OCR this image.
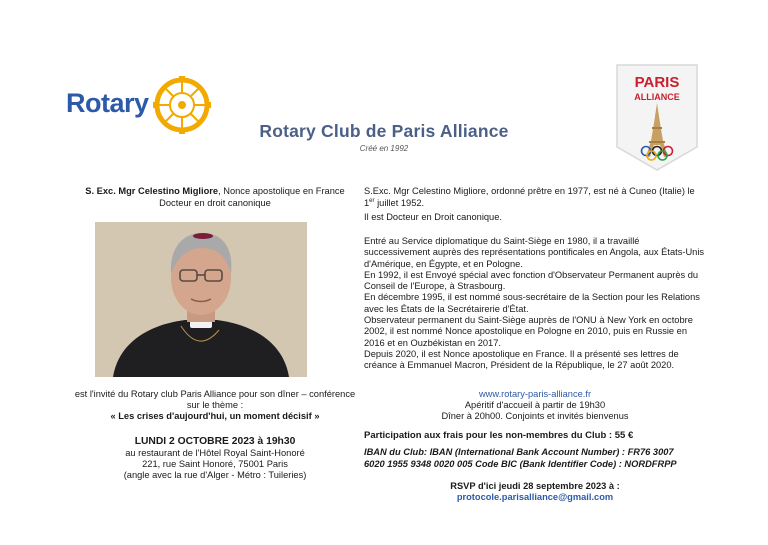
Rotary
Rotary Club de Paris Alliance
Créé en 1992
PARIS
ALLIANCE
S. Exc. Mgr Celestino Migliore, Nonce apostolique en France
Docteur en droit canonique
est l'invité du Rotary club Paris Alliance pour son dîner – conférence
sur le thème :
« Les crises d'aujourd'hui, un moment décisif »
LUNDI 2 OCTOBRE 2023 à 19h30
au restaurant de l'Hôtel Royal Saint-Honoré
221, rue Saint Honoré, 75001 Paris
(angle avec la rue d'Alger - Métro : Tuileries)
S.Exc. Mgr Celestino Migliore, ordonné prêtre en 1977, est né à Cuneo (Italie) le
1er juillet 1952.
Il est Docteur en Droit canonique.

Entré au Service diplomatique du Saint-Siège en 1980, il a travaillé successivement auprès des représentations pontificales en Angola, aux États-Unis d'Amérique, en Égypte, et en Pologne.

En 1992, il est Envoyé spécial avec fonction d'Observateur Permanent auprès du Conseil de l'Europe, à Strasbourg.

En décembre 1995, il est nommé sous-secrétaire de la Section pour les Relations avec les États de la Secrétairerie d'État.

Observateur permanent du Saint-Siège auprès de l'ONU à New York en octobre 2002, il est nommé Nonce apostolique en Pologne en 2010, puis en Russie en 2016 et en Ouzbékistan en 2017.

Depuis 2020, il est Nonce apostolique en France. Il a présenté ses lettres de créance à Emmanuel Macron, Président de la République, le 27 août 2020.

www.rotary-paris-alliance.fr
Apéritif d'accueil à partir de 19h30
Dîner à 20h00. Conjoints et invités bienvenus
Participation aux frais pour les non-membres du Club : 55 €
IBAN du Club: IBAN (International Bank Account Number) : FR76 3007
6020 1955 9348 0020 005 Code BIC (Bank Identifier Code) : NORDFRPP
RSVP d'ici jeudi 28 septembre 2023 à :
protocole.parisalliance@gmail.com
